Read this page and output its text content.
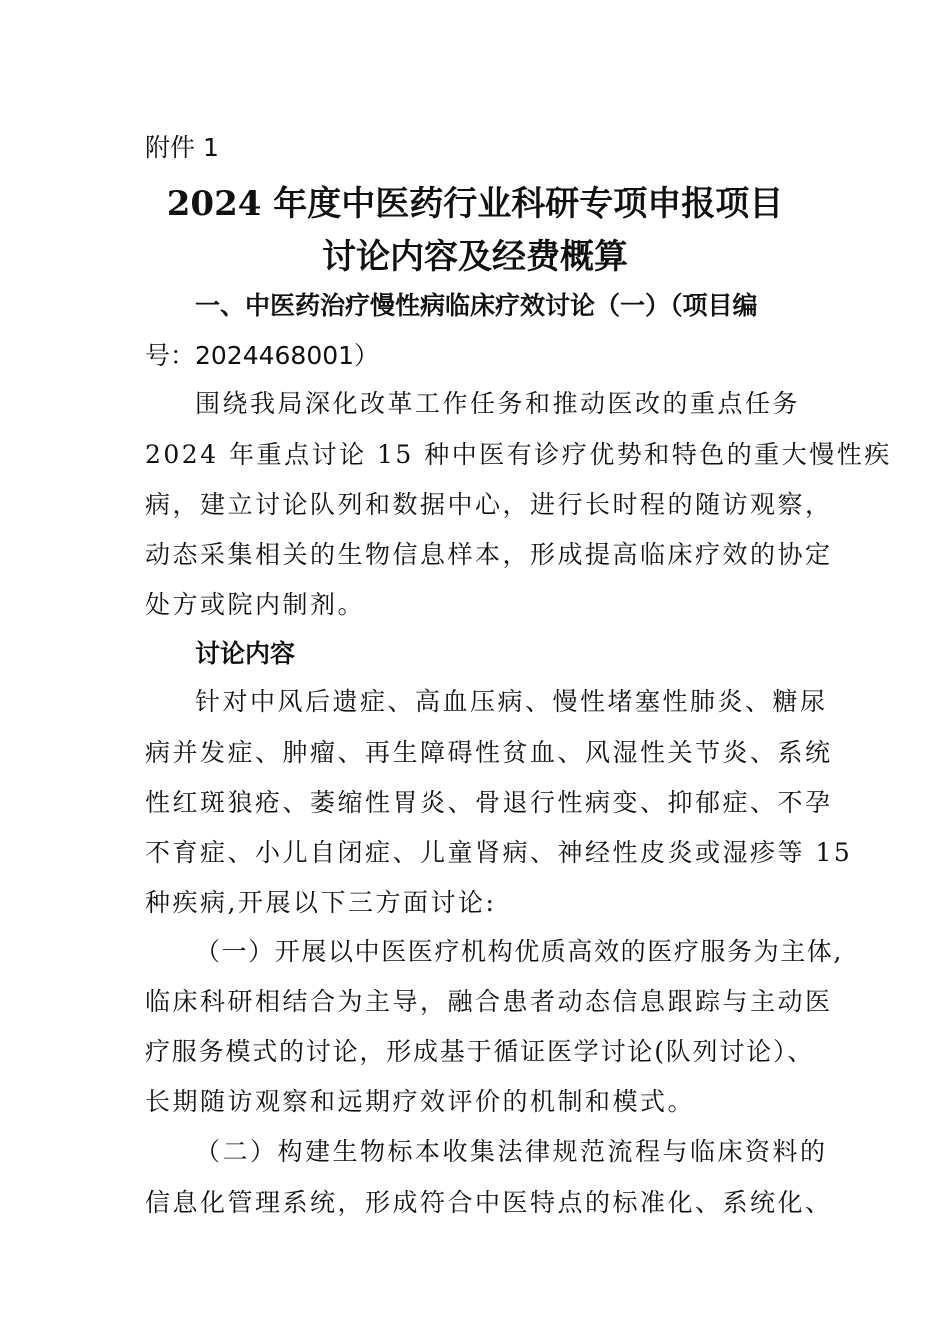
附件 1
2024 年度中医药行业科研专项申报项目
讨论内容及经费概算
一、中医药治疗慢性病临床疗效讨论（一）（项目编
号：2024468001）
围绕我局深化改革工作任务和推动医改的重点任务
2024 年重点讨论 15 种中医有诊疗优势和特色的重大慢性疾
病，建立讨论队列和数据中心，进行长时程的随访观察，
动态采集相关的生物信息样本，形成提高临床疗效的协定
处方或院内制剂。
讨论内容
针对中风后遗症、高血压病、慢性堵塞性肺炎、糖尿
病并发症、肿瘤、再生障碍性贫血、风湿性关节炎、系统
性红斑狼疮、萎缩性胃炎、骨退行性病变、抑郁症、不孕
不育症、小儿自闭症、儿童肾病、神经性皮炎或湿疹等 15
种疾病,开展以下三方面讨论:
（一）开展以中医医疗机构优质高效的医疗服务为主体,
临床科研相结合为主导，融合患者动态信息跟踪与主动医
疗服务模式的讨论，形成基于循证医学讨论(队列讨论）、
长期随访观察和远期疗效评价的机制和模式。
（二）构建生物标本收集法律规范流程与临床资料的
信息化管理系统，形成符合中医特点的标准化、系统化、
